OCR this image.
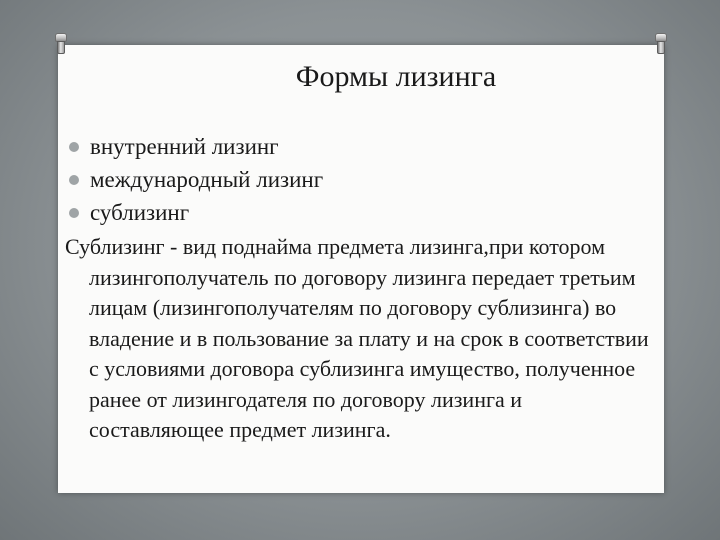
Формы лизинга
внутренний лизинг
международный лизинг
сублизинг

Сублизинг - вид поднайма предмета лизинга,при котором лизингополучатель по договору лизинга передает третьим лицам (лизингополучателям по договору сублизинга) во владение и в пользование за плату и на срок в соответствии с условиями договора сублизинга имущество, полученное ранее от лизингодателя по договору лизинга и составляющее предмет лизинга.
